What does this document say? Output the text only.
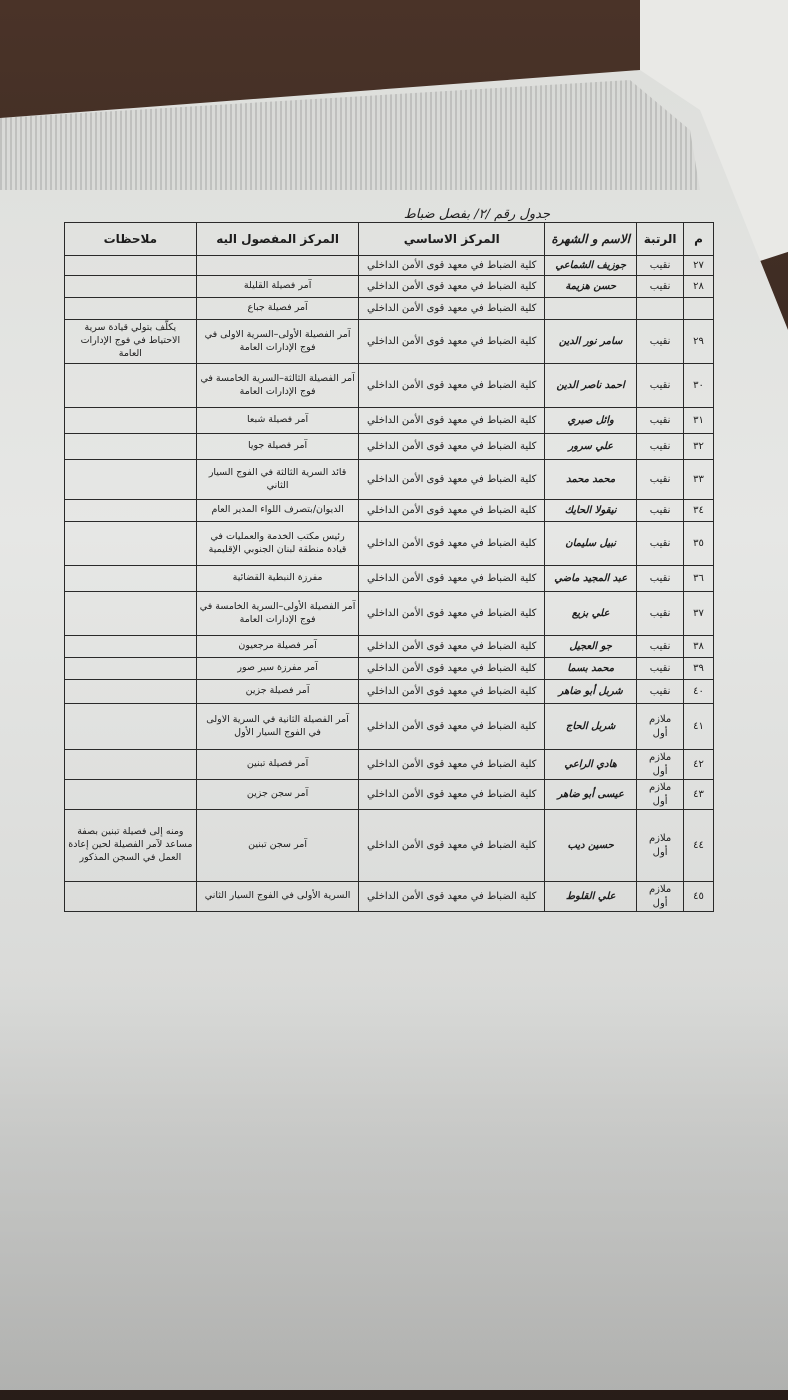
جدول رقم /٢/ بفصل ضباط
م	الرتبة	الاسم و الشهرة	المركز الاساسي	المركز المفصول اليه	ملاحظات
٢٧	نقيب	جوزيف الشماعي	كلية الضباط في معهد قوى الأمن الداخلي		
٢٨	نقيب	حسن هزيمة	كلية الضباط في معهد قوى الأمن الداخلي	آمر فصيلة القليلة	
			كلية الضباط في معهد قوى الأمن الداخلي	آمر فصيلة جباع	
٢٩	نقيب	سامر نور الدين	كلية الضباط في معهد قوى الأمن الداخلي	آمر الفصيلة الأولى–السرية الاولى في فوج الإدارات العامة	يكلّف بتولي قيادة سرية الاحتياط في فوج الإدارات العامة
٣٠	نقيب	احمد ناصر الدين	كلية الضباط في معهد قوى الأمن الداخلي	آمر الفصيلة الثالثة–السرية الخامسة في فوج الإدارات العامة	
٣١	نقيب	وائل صبري	كلية الضباط في معهد قوى الأمن الداخلي	آمر فصيلة شبعا	
٣٢	نقيب	علي سرور	كلية الضباط في معهد قوى الأمن الداخلي	آمر فصيلة جويا	
٣٣	نقيب	محمد محمد	كلية الضباط في معهد قوى الأمن الداخلي	قائد السرية الثالثة في الفوج السيار الثاني	
٣٤	نقيب	نيقولا الحايك	كلية الضباط في معهد قوى الأمن الداخلي	الديوان/بتصرف اللواء المدير العام	
٣٥	نقيب	نبيل سليمان	كلية الضباط في معهد قوى الأمن الداخلي	رئيس مكتب الخدمة والعمليات في قيادة منطقة لبنان الجنوبي الإقليمية	
٣٦	نقيب	عبد المجيد ماضي	كلية الضباط في معهد قوى الأمن الداخلي	مفرزة النبطية القضائية	
٣٧	نقيب	علي بزيع	كلية الضباط في معهد قوى الأمن الداخلي	آمر الفصيلة الأولى–السرية الخامسة في فوج الإدارات العامة	
٣٨	نقيب	جو العجيل	كلية الضباط في معهد قوى الأمن الداخلي	آمر فصيلة مرجعيون	
٣٩	نقيب	محمد بسما	كلية الضباط في معهد قوى الأمن الداخلي	آمر مفرزة سير صور	
٤٠	نقيب	شربل أبو ضاهر	كلية الضباط في معهد قوى الأمن الداخلي	آمر فصيلة جزين	
٤١	ملازم أول	شربل الحاج	كلية الضباط في معهد قوى الأمن الداخلي	آمر الفصيلة الثانية في السرية الاولى في الفوج السيار الأول	
٤٢	ملازم أول	هادي الراعي	كلية الضباط في معهد قوى الأمن الداخلي	آمر فصيلة تبنين	
٤٣	ملازم أول	عيسى أبو ضاهر	كلية الضباط في معهد قوى الأمن الداخلي	آمر سجن جزين	
٤٤	ملازم أول	حسين ديب	كلية الضباط في معهد قوى الأمن الداخلي	آمر سجن تبنين	ومنه إلى فصيلة تبنين بصفة مساعد لآمر الفصيلة لحين إعادة العمل في السجن المذكور
٤٥	ملازم أول	علي القلوط	كلية الضباط في معهد قوى الأمن الداخلي	السرية الأولى في الفوج السيار الثاني	
